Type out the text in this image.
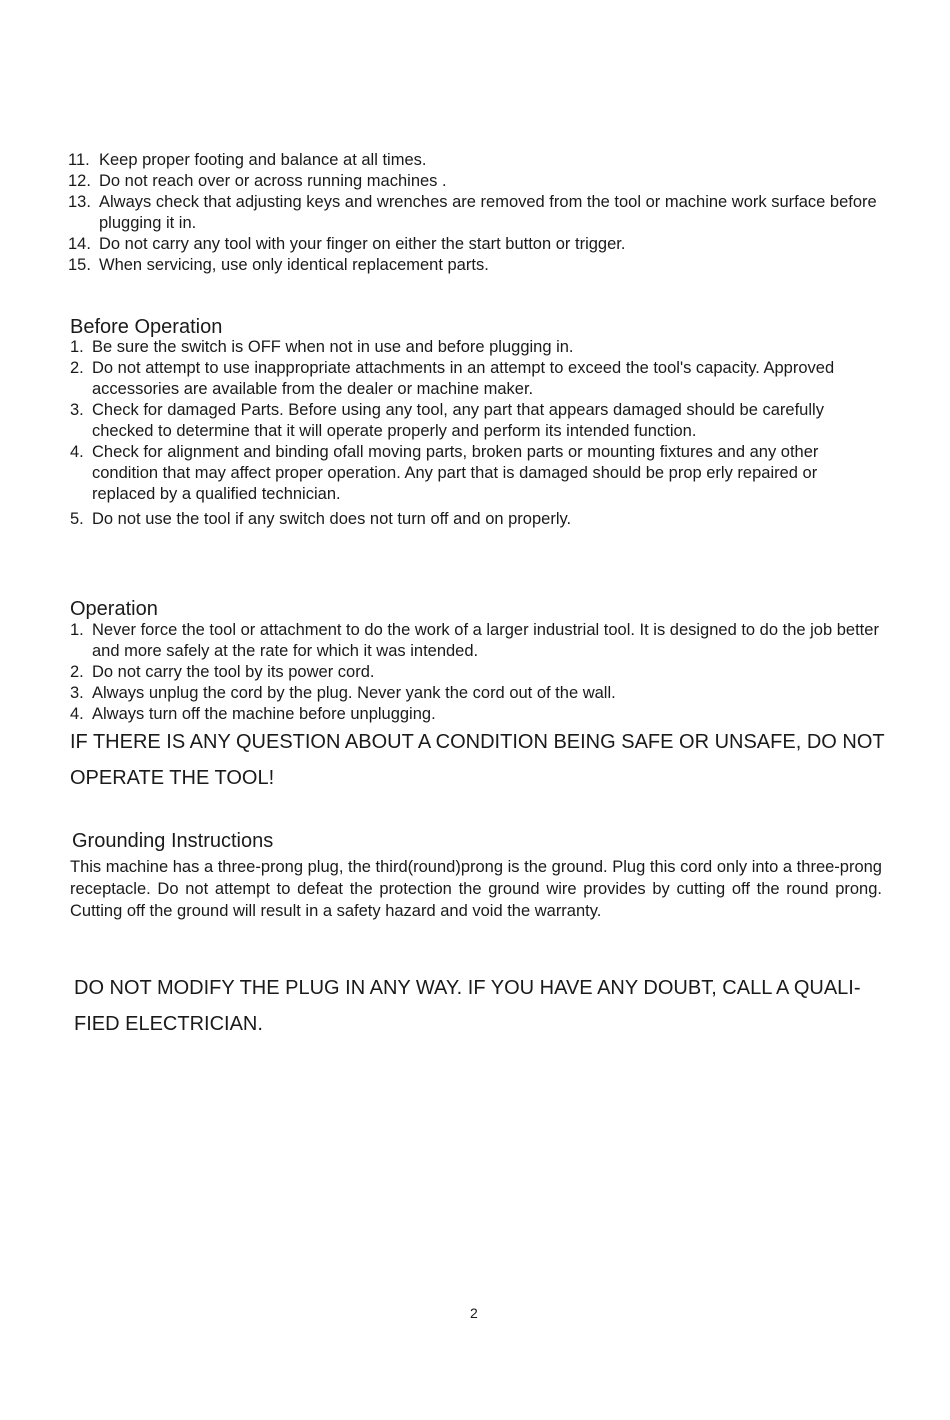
11. Keep proper footing and balance at all times.
12. Do not reach over or across running machines .
13. Always check that adjusting keys and wrenches are removed from the tool or machine work surface before plugging it in.
14. Do not carry any tool with your finger on either the start button or trigger.
15. When servicing, use only identical replacement parts.
Before Operation
1. Be sure the switch is OFF when not in use and before plugging in.
2. Do not attempt to use inappropriate attachments in an attempt to exceed the tool's capacity. Approved accessories are available from the dealer or machine maker.
3. Check for damaged Parts. Before using any tool, any part that appears damaged should be carefully checked to determine that it will operate properly and perform its intended function.
4. Check for alignment and binding ofall moving parts, broken parts or mounting fixtures and any other condition that may affect proper operation. Any part that is damaged should be prop erly repaired or replaced by a qualified technician.
5. Do not use the tool if any switch does not turn off and on properly.
Operation
1. Never force the tool or attachment to do the work of a larger industrial tool. It is designed to do the job better and more safely at the rate for which it was intended.
2. Do not carry the tool by its power cord.
3. Always unplug the cord by the plug. Never yank the cord out of the wall.
4. Always turn off the machine before unplugging.

IF THERE IS ANY QUESTION ABOUT A CONDITION BEING SAFE OR UNSAFE, DO NOT OPERATE THE TOOL!

Grounding Instructions

This machine has a three-prong plug, the third(round)prong is the ground. Plug this cord only into a three-prong receptacle. Do not attempt to defeat the protection the ground wire provides by cutting off the round prong. Cutting off the ground will result in a safety hazard and void the warranty.

DO NOT MODIFY THE PLUG IN ANY WAY. IF YOU HAVE ANY DOUBT, CALL A QUALI-FIED ELECTRICIAN.

2
